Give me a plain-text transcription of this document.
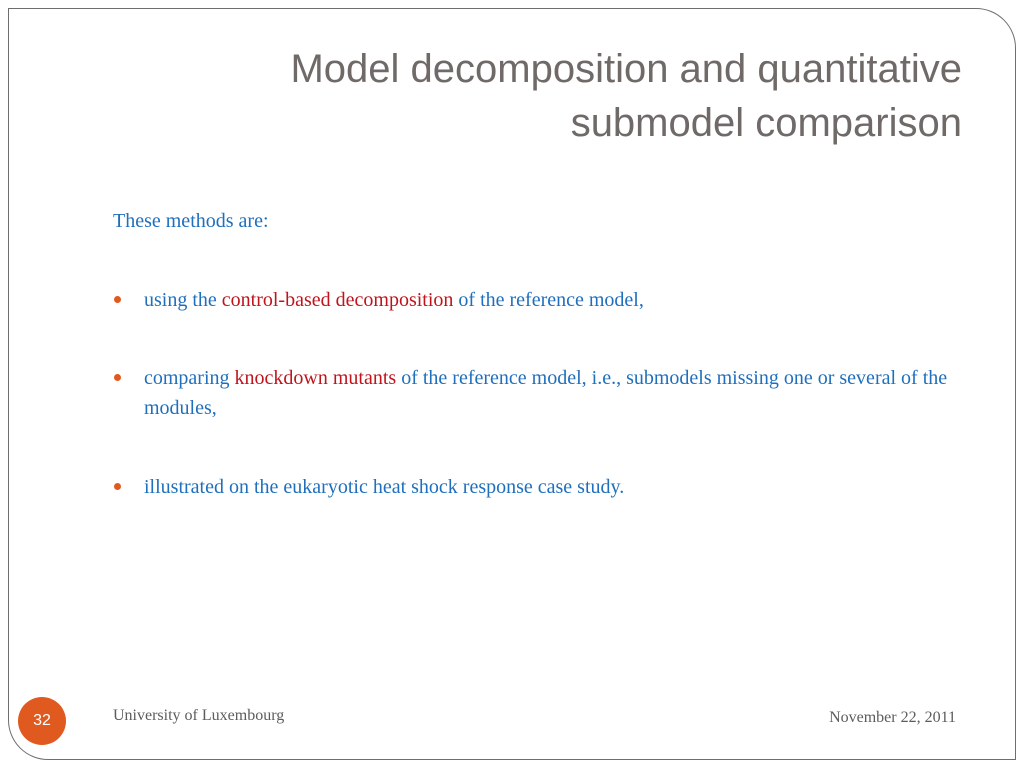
Model decomposition and quantitative
submodel comparison

These methods are:

using the control-based decomposition of the reference model,
comparing knockdown mutants of the reference model, i.e., submodels missing one or several of the modules,
illustrated on the eukaryotic heat shock response case study.
32	University of Luxembourg	November 22, 2011
